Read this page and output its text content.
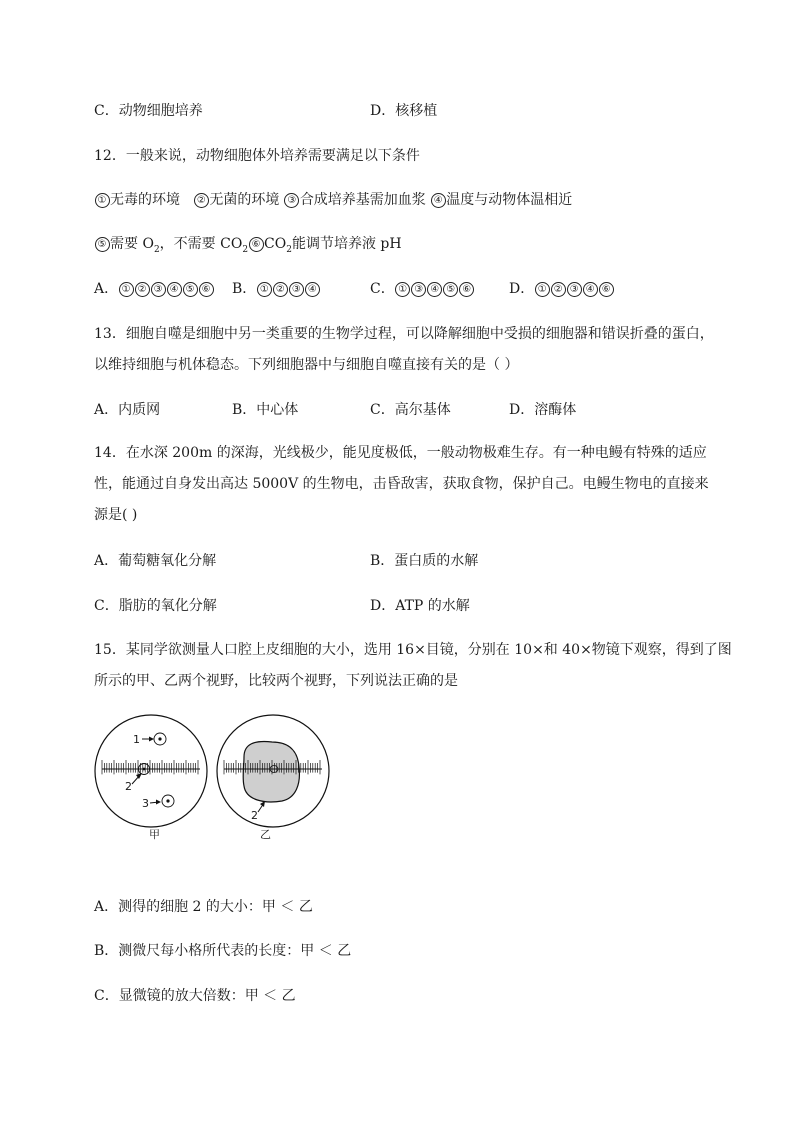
C．动物细胞培养	D．核移植
12．一般来说，动物细胞体外培养需要满足以下条件
① 无毒的环境 ② 无菌的环境 ③ 合成培养基需加血浆 ④ 温度与动物体温相近
⑤ 需要 $O_2$，不需要 $CO_2$ ⑥ $CO_2$能调节培养液 pH
A． ① ② ③ ④ ⑤ ⑥ B． ① ② ③ ④	C． ① ③ ④ ⑤ ⑥	D． ① ② ③ ④ ⑥
13．细胞自噬是细胞中另一类重要的生物学过程，可以降解细胞中受损的细胞器和错误折叠的蛋白，
以维持细胞与机体稳态。下列细胞器中与细胞自噬直接有关的是（ ）
A．内质网	B．中心体	C．高尔基体	D．溶酶体
14．在水深 200m 的深海，光线极少，能见度极低，一般动物极难生存。有一种电鳗有特殊的适应
性，能通过自身发出高达 5000V 的生物电，击昏敌害，获取食物，保护自己。电鳗生物电的直接来
源是( )
A．葡萄糖氧化分解	B．蛋白质的水解
C．脂肪的氧化分解	D．ATP 的水解
15．某同学欲测量人口腔上皮细胞的大小，选用 16×目镜，分别在 10×和 40×物镜下观察，得到了图
所示的甲、乙两个视野，比较两个视野，下列说法正确的是
1
2
3
2
甲	乙
A．测得的细胞 2 的大小：甲 ＜ 乙
B．测微尺每小格所代表的长度：甲 ＜ 乙
C．显微镜的放大倍数：甲 ＜ 乙
